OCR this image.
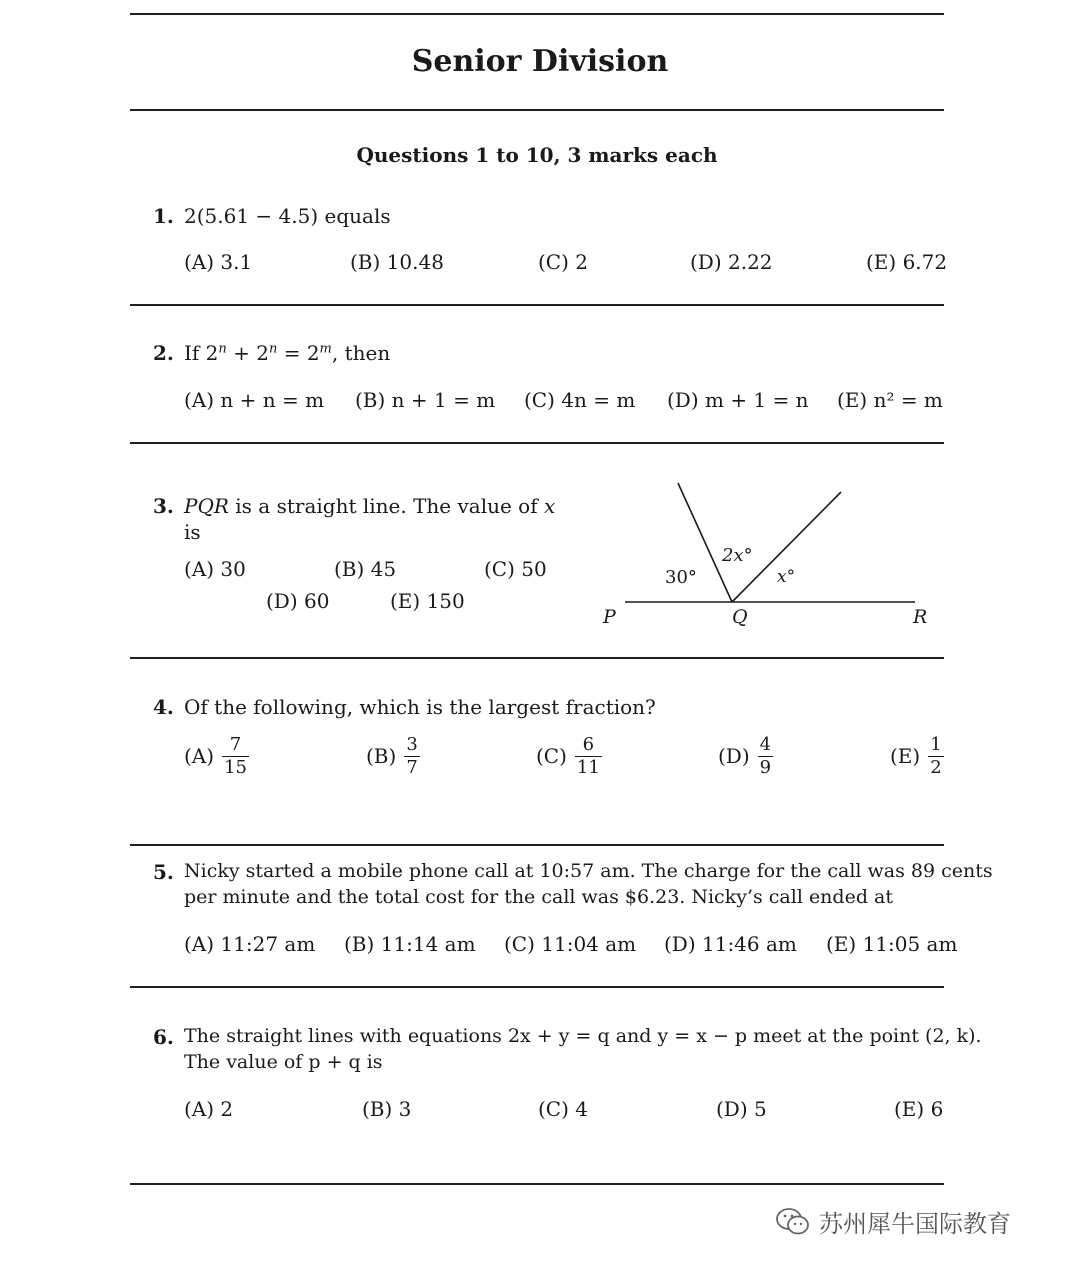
Senior Division
Questions 1 to 10, 3 marks each
1. 2(5.61 − 4.5) equals
(A) 3.1	(B) 10.48	(C) 2	(D) 2.22	(E) 6.72
2. If $2^n + 2^n = 2^m$, then
(A) n + n = m (B) n + 1 = m (C) 4n = m (D) m + 1 = n (E) n² = m
3. PQR is a straight line. The value of x
is
(A) 30	(B) 45	(C) 50
(D) 60	(E) 150
30°
2x°
x°
P	Q	R
4. Of the following, which is the largest fraction?
$(A) \frac{7}{15}$	$(B) \frac{3}{7}$	$(C) \frac{6}{11}$	$(D) \frac{4}{9}$	$(E) \frac{1}{2}$
5. Nicky started a mobile phone call at 10:57 am. The charge for the call was 89 cents
per minute and the total cost for the call was $6.23. Nicky’s call ended at
(A) 11:27 am (B) 11:14 am (C) 11:04 am (D) 11:46 am (E) 11:05 am
6. The straight lines with equations 2x + y = q and y = x − p meet at the point (2, k).
The value of p + q is
(A) 2	(B) 3	(C) 4	(D) 5	(E) 6
苏州犀牛国际教育
